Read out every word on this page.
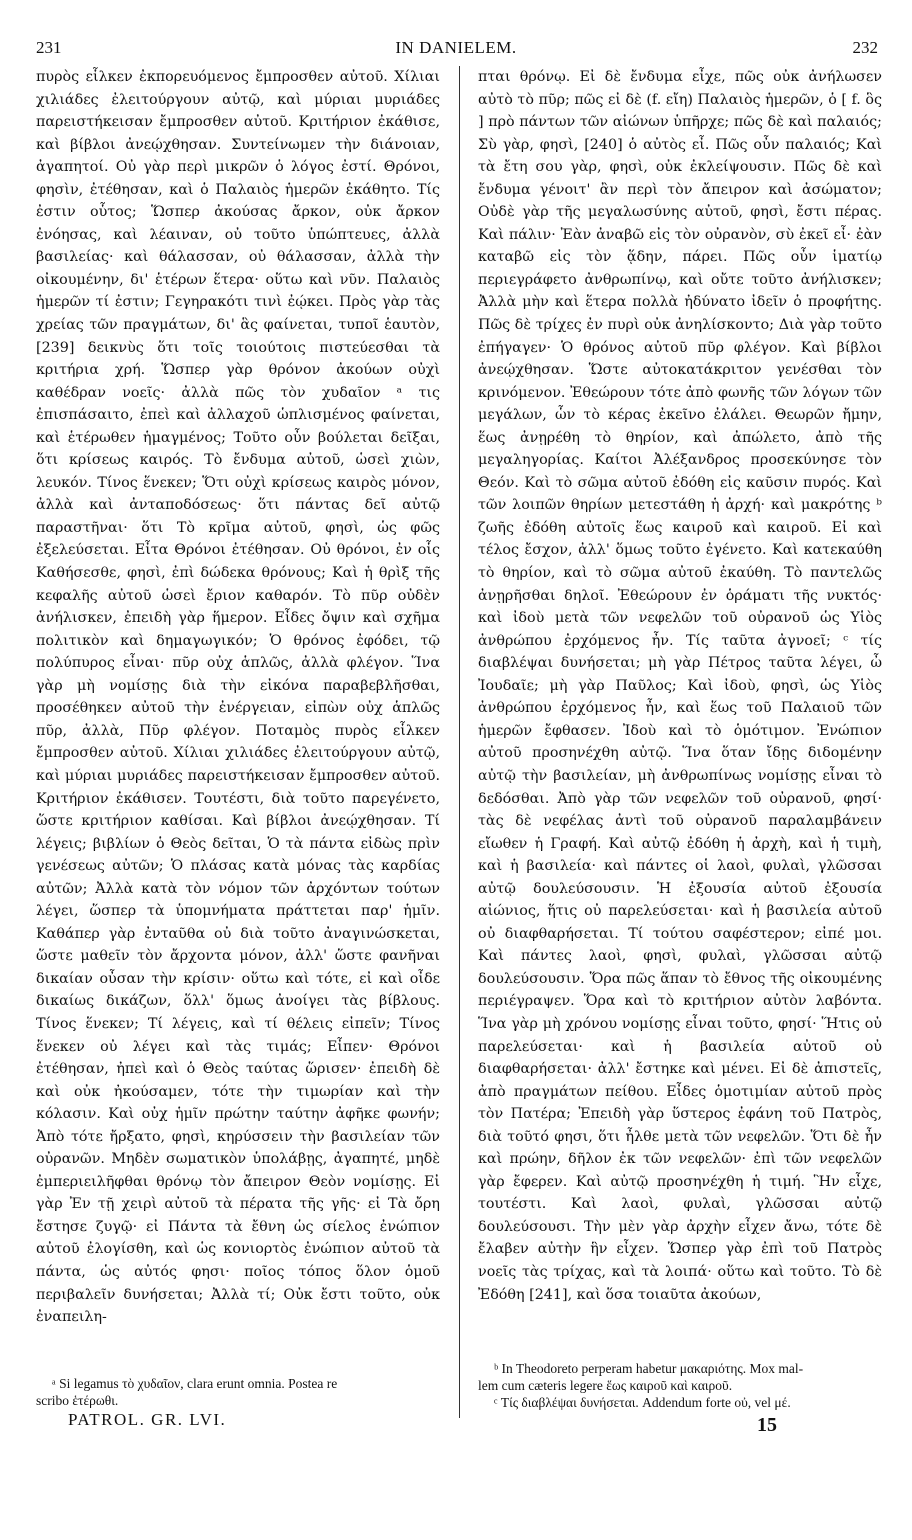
231	IN DANIELEM.	232

πυρὸς εἷλκεν ἐκπορευόμενος ἔμπροσθεν αὐτοῦ. Χίλιαι χιλιάδες ἐλειτούργουν αὐτῷ, καὶ μύριαι μυριάδες παρειστήκεισαν ἔμπροσθεν αὐτοῦ. Κριτήριον ἐκάθισε, καὶ βίβλοι ἀνεῴχθησαν. Συντείνωμεν τὴν διάνοιαν, ἀγαπητοί. Οὐ γὰρ περὶ μικρῶν ὁ λόγος ἐστί. Θρόνοι, φησὶν, ἐτέθησαν, καὶ ὁ Παλαιὸς ἡμερῶν ἐκάθητο. Τίς ἐστιν οὗτος; Ὥσπερ ἀκούσας ἄρκον, οὐκ ἄρκον ἐνόησας, καὶ λέαιναν, οὐ τοῦτο ὑπώπτευες, ἀλλὰ βασιλείας· καὶ θάλασσαν, οὐ θάλασσαν, ἀλλὰ τὴν οἰκουμένην, δι' ἑτέρων ἕτερα· οὕτω καὶ νῦν. Παλαιὸς ἡμερῶν τί ἐστιν; Γεγηρακότι τινὶ ἐῴκει. Πρὸς γὰρ τὰς χρείας τῶν πραγμάτων, δι' ἃς φαίνεται, τυποῖ ἑαυτὸν, [239] δεικνὺς ὅτι τοῖς τοιούτοις πιστεύεσθαι τὰ κριτήρια χρή. Ὥσπερ γὰρ θρόνον ἀκούων οὐχὶ καθέδραν νοεῖς· ἀλλὰ πῶς τὸν χυδαῖον ᵃ τις ἐπισπάσαιτο, ἐπεὶ καὶ ἀλλαχοῦ ὡπλισμένος φαίνεται, καὶ ἑτέρωθεν ἡμαγμένος; Τοῦτο οὖν βούλεται δεῖξαι, ὅτι κρίσεως καιρός. Τὸ ἔνδυμα αὐτοῦ, ὡσεὶ χιὼν, λευκόν. Τίνος ἕνεκεν; Ὅτι οὐχὶ κρίσεως καιρὸς μόνον, ἀλλὰ καὶ ἀνταποδόσεως· ὅτι πάντας δεῖ αὐτῷ παραστῆναι· ὅτι Τὸ κρῖμα αὐτοῦ, φησὶ, ὡς φῶς ἐξελεύσεται. Εἶτα Θρόνοι ἐτέθησαν. Οὐ θρόνοι, ἐν οἷς Καθήσεσθε, φησὶ, ἐπὶ δώδεκα θρόνους; Καὶ ἡ θρὶξ τῆς κεφαλῆς αὐτοῦ ὡσεὶ ἔριον καθαρόν. Τὸ πῦρ οὐδὲν ἀνήλισκεν, ἐπειδὴ γὰρ ἥμερον. Εἶδες ὄψιν καὶ σχῆμα πολιτικὸν καὶ δημαγωγικόν; Ὁ θρόνος ἐφόδει, τῷ πολύπυρος εἶναι· πῦρ οὐχ ἁπλῶς, ἀλλὰ φλέγον. Ἵνα γὰρ μὴ νομίσῃς διὰ τὴν εἰκόνα παραβεβλῆσθαι, προσέθηκεν αὐτοῦ τὴν ἐνέργειαν, εἰπὼν οὐχ ἁπλῶς πῦρ, ἀλλὰ, Πῦρ φλέγον. Ποταμὸς πυρὸς εἷλκεν ἔμπροσθεν αὐτοῦ. Χίλιαι χιλιάδες ἐλειτούργουν αὐτῷ, καὶ μύριαι μυριάδες παρειστήκεισαν ἔμπροσθεν αὐτοῦ. Κριτήριον ἐκάθισεν. Τουτέστι, διὰ τοῦτο παρεγένετο, ὥστε κριτήριον καθίσαι. Καὶ βίβλοι ἀνεῴχθησαν. Τί λέγεις; βιβλίων ὁ Θεὸς δεῖται, Ὁ τὰ πάντα εἰδὼς πρὶν γενέσεως αὐτῶν; Ὁ πλάσας κατὰ μόνας τὰς καρδίας αὐτῶν; Ἀλλὰ κατὰ τὸν νόμον τῶν ἀρχόντων τούτων λέγει, ὥσπερ τὰ ὑπομνήματα πράττεται παρ' ἡμῖν. Καθάπερ γὰρ ἐνταῦθα οὐ διὰ τοῦτο ἀναγινώσκεται, ὥστε μαθεῖν τὸν ἄρχοντα μόνον, ἀλλ' ὥστε φανῆναι δικαίαν οὖσαν τὴν κρίσιν· οὕτω καὶ τότε, εἰ καὶ οἶδε δικαίως δικάζων, ὅλλ' ὅμως ἀνοίγει τὰς βίβλους. Τίνος ἕνεκεν; Τί λέγεις, καὶ τί θέλεις εἰπεῖν; Τίνος ἕνεκεν οὐ λέγει καὶ τὰς τιμάς; Εἶπεν· Θρόνοι ἐτέθησαν, ἠπεὶ καὶ ὁ Θεὸς ταύτας ὥρισεν· ἐπειδὴ δὲ καὶ οὐκ ἠκούσαμεν, τότε τὴν τιμωρίαν καὶ τὴν κόλασιν. Καὶ οὐχ ἡμῖν πρώτην ταύτην ἀφῆκε φωνήν; Ἀπὸ τότε ἤρξατο, φησὶ, κηρύσσειν τὴν βασιλείαν τῶν οὐρανῶν. Μηδὲν σωματικὸν ὑπολάβῃς, ἀγαπητέ, μηδὲ ἐμπεριειλῆφθαι θρόνῳ τὸν ἄπειρον Θεὸν νομίσῃς. Εἰ γὰρ Ἐν τῇ χειρὶ αὐτοῦ τὰ πέρατα τῆς γῆς· εἰ Τὰ ὄρη ἔστησε ζυγῷ· εἰ Πάντα τὰ ἔθνη ὡς σίελος ἐνώπιον αὐτοῦ ἐλογίσθη, καὶ ὡς κονιορτὸς ἐνώπιον αὐτοῦ τὰ πάντα, ὡς αὐτός φησι· ποῖος τόπος ὅλον ὁμοῦ περιβαλεῖν δυνήσεται; Ἀλλὰ τί; Οὐκ ἔστι τοῦτο, οὐκ ἐναπειλη-

πται θρόνῳ. Εἰ δὲ ἔνδυμα εἶχε, πῶς οὐκ ἀνήλωσεν αὐτὸ τὸ πῦρ; πῶς εἰ δὲ (f. εἴη) Παλαιὸς ἡμερῶν, ὁ [ f. ὃς ] πρὸ πάντων τῶν αἰώνων ὑπῆρχε; πῶς δὲ καὶ παλαιός; Σὺ γὰρ, φησὶ, [240] ὁ αὐτὸς εἶ. Πῶς οὖν παλαιός; Καὶ τὰ ἔτη σου γὰρ, φησὶ, οὐκ ἐκλείψουσιν. Πῶς δὲ καὶ ἔνδυμα γένοιτ' ἂν περὶ τὸν ἄπειρον καὶ ἀσώματον; Οὐδὲ γὰρ τῆς μεγαλωσύνης αὐτοῦ, φησὶ, ἔστι πέρας. Καὶ πάλιν· Ἐὰν ἀναβῶ εἰς τὸν οὐρανὸν, σὺ ἐκεῖ εἶ· ἐὰν καταβῶ εἰς τὸν ᾅδην, πάρει. Πῶς οὖν ἱματίῳ περιεγράφετο ἀνθρωπίνῳ, καὶ οὔτε τοῦτο ἀνήλισκεν; Ἀλλὰ μὴν καὶ ἕτερα πολλὰ ἠδύνατο ἰδεῖν ὁ προφήτης. Πῶς δὲ τρίχες ἐν πυρὶ οὐκ ἀνηλίσκοντο; Διὰ γὰρ τοῦτο ἐπήγαγεν· Ὁ θρόνος αὐτοῦ πῦρ φλέγον. Καὶ βίβλοι ἀνεῴχθησαν. Ὥστε αὐτοκατάκριτον γενέσθαι τὸν κρινόμενον. Ἐθεώρουν τότε ἀπὸ φωνῆς τῶν λόγων τῶν μεγάλων, ὧν τὸ κέρας ἐκεῖνο ἐλάλει. Θεωρῶν ἤμην, ἕως ἀνῃρέθη τὸ θηρίον, καὶ ἀπώλετο, ἀπὸ τῆς μεγαληγορίας. Καίτοι Ἀλέξανδρος προσεκύνησε τὸν Θεόν. Καὶ τὸ σῶμα αὐτοῦ ἐδόθη εἰς καῦσιν πυρός. Καὶ τῶν λοιπῶν θηρίων μετεστάθη ἡ ἀρχή· καὶ μακρότης ᵇ ζωῆς ἐδόθη αὐτοῖς ἕως καιροῦ καὶ καιροῦ. Εἰ καὶ τέλος ἔσχον, ἀλλ' ὅμως τοῦτο ἐγένετο. Καὶ κατεκαύθη τὸ θηρίον, καὶ τὸ σῶμα αὐτοῦ ἐκαύθη. Τὸ παντελῶς ἀνῃρῆσθαι δηλοῖ. Ἐθεώρουν ἐν ὁράματι τῆς νυκτός· καὶ ἰδοὺ μετὰ τῶν νεφελῶν τοῦ οὐρανοῦ ὡς Υἱὸς ἀνθρώπου ἐρχόμενος ἦν. Τίς ταῦτα ἀγνοεῖ; ᶜ τίς διαβλέψαι δυνήσεται; μὴ γὰρ Πέτρος ταῦτα λέγει, ὦ Ἰουδαῖε; μὴ γὰρ Παῦλος; Καὶ ἰδοὺ, φησὶ, ὡς Υἱὸς ἀνθρώπου ἐρχόμενος ἦν, καὶ ἕως τοῦ Παλαιοῦ τῶν ἡμερῶν ἔφθασεν. Ἰδοὺ καὶ τὸ ὁμότιμον. Ἐνώπιον αὐτοῦ προσηνέχθη αὐτῷ. Ἵνα ὅταν ἴδῃς διδομένην αὐτῷ τὴν βασιλείαν, μὴ ἀνθρωπίνως νομίσῃς εἶναι τὸ δεδόσθαι. Ἀπὸ γὰρ τῶν νεφελῶν τοῦ οὐρανοῦ, φησί· τὰς δὲ νεφέλας ἀντὶ τοῦ οὐρανοῦ παραλαμβάνειν εἴωθεν ἡ Γραφή. Καὶ αὐτῷ ἐδόθη ἡ ἀρχὴ, καὶ ἡ τιμὴ, καὶ ἡ βασιλεία· καὶ πάντες οἱ λαοὶ, φυλαὶ, γλῶσσαι αὐτῷ δουλεύσουσιν. Ἡ ἐξουσία αὐτοῦ ἐξουσία αἰώνιος, ἥτις οὐ παρελεύσεται· καὶ ἡ βασιλεία αὐτοῦ οὐ διαφθαρήσεται. Τί τούτου σαφέστερον; εἰπέ μοι. Καὶ πάντες λαοὶ, φησὶ, φυλαὶ, γλῶσσαι αὐτῷ δουλεύσουσιν. Ὅρα πῶς ἅπαν τὸ ἔθνος τῆς οἰκουμένης περιέγραψεν. Ὅρα καὶ τὸ κριτήριον αὐτὸν λαβόντα. Ἵνα γὰρ μὴ χρόνου νομίσῃς εἶναι τοῦτο, φησί· Ἥτις οὐ παρελεύσεται· καὶ ἡ βασιλεία αὐτοῦ οὐ διαφθαρήσεται· ἀλλ' ἔστηκε καὶ μένει. Εἰ δὲ ἀπιστεῖς, ἀπὸ πραγμάτων πείθου. Εἶδες ὁμοτιμίαν αὐτοῦ πρὸς τὸν Πατέρα; Ἐπειδὴ γὰρ ὕστερος ἐφάνη τοῦ Πατρὸς, διὰ τοῦτό φησι, ὅτι ἦλθε μετὰ τῶν νεφελῶν. Ὅτι δὲ ἦν καὶ πρώην, δῆλον ἐκ τῶν νεφελῶν· ἐπὶ τῶν νεφελῶν γὰρ ἔφερεν. Καὶ αὐτῷ προσηνέχθη ἡ τιμή. Ἣν εἶχε, τουτέστι. Καὶ λαοὶ, φυλαὶ, γλῶσσαι αὐτῷ δουλεύσουσι. Τὴν μὲν γὰρ ἀρχὴν εἶχεν ἄνω, τότε δὲ ἔλαβεν αὐτὴν ἣν εἶχεν. Ὥσπερ γὰρ ἐπὶ τοῦ Πατρὸς νοεῖς τὰς τρίχας, καὶ τὰ λοιπά· οὕτω καὶ τοῦτο. Τὸ δὲ Ἐδόθη [241], καὶ ὅσα τοιαῦτα ἀκούων,

ᵃ Si legamus τὸ χυδαῖον, clara erunt omnia. Postea re

scribo ἑτέρωθι.

ᵇ In Theodoreto perperam habetur μακαριότης. Mox mal-

lem cum cæteris legere ἕως καιροῦ καὶ καιροῦ.

ᶜ Τίς διαβλέψαι δυνήσεται. Addendum forte οὐ, vel μέ.

PATROL. GR. LVI.	15
